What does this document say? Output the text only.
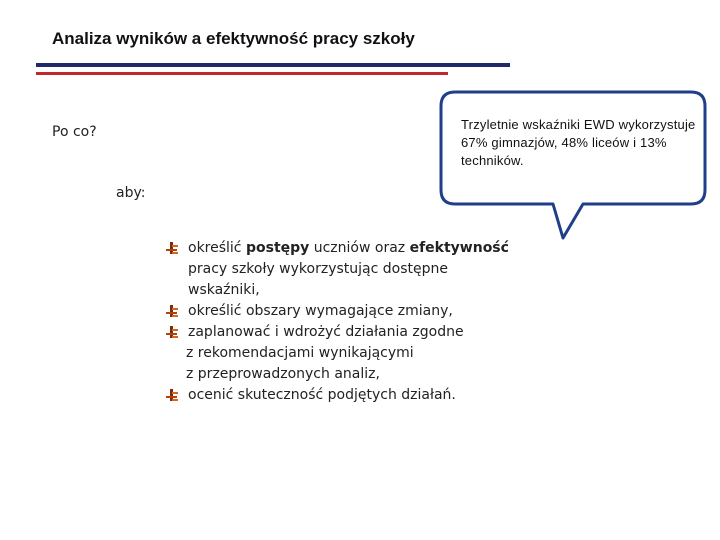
Analiza wyników a efektywność pracy szkoły
Po co?
aby:
Trzyletnie wskaźniki EWD wykorzystuje 67% gimnazjów, 48% liceów i 13% techników.
określić postępy uczniów oraz efektywność
pracy szkoły wykorzystując dostępne
wskaźniki,
określić obszary wymagające zmiany,
zaplanować i wdrożyć działania zgodne
z rekomendacjami wynikającymi
z przeprowadzonych analiz,
ocenić skuteczność podjętych działań.
